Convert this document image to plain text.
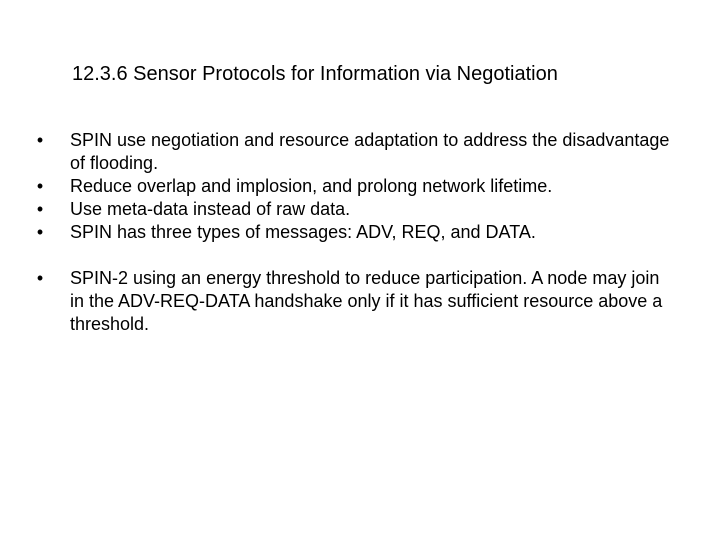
12.3.6 Sensor Protocols for Information via Negotiation
•	SPIN use negotiation and resource adaptation to address the disadvantage of flooding.
•	Reduce overlap and implosion, and prolong network lifetime.
•	Use meta-data instead of raw data.
•	SPIN has three types of messages: ADV, REQ, and DATA.
•	SPIN-2 using an energy threshold to reduce participation. A node may join in the ADV-REQ-DATA handshake only if it has sufficient resource above a threshold.
